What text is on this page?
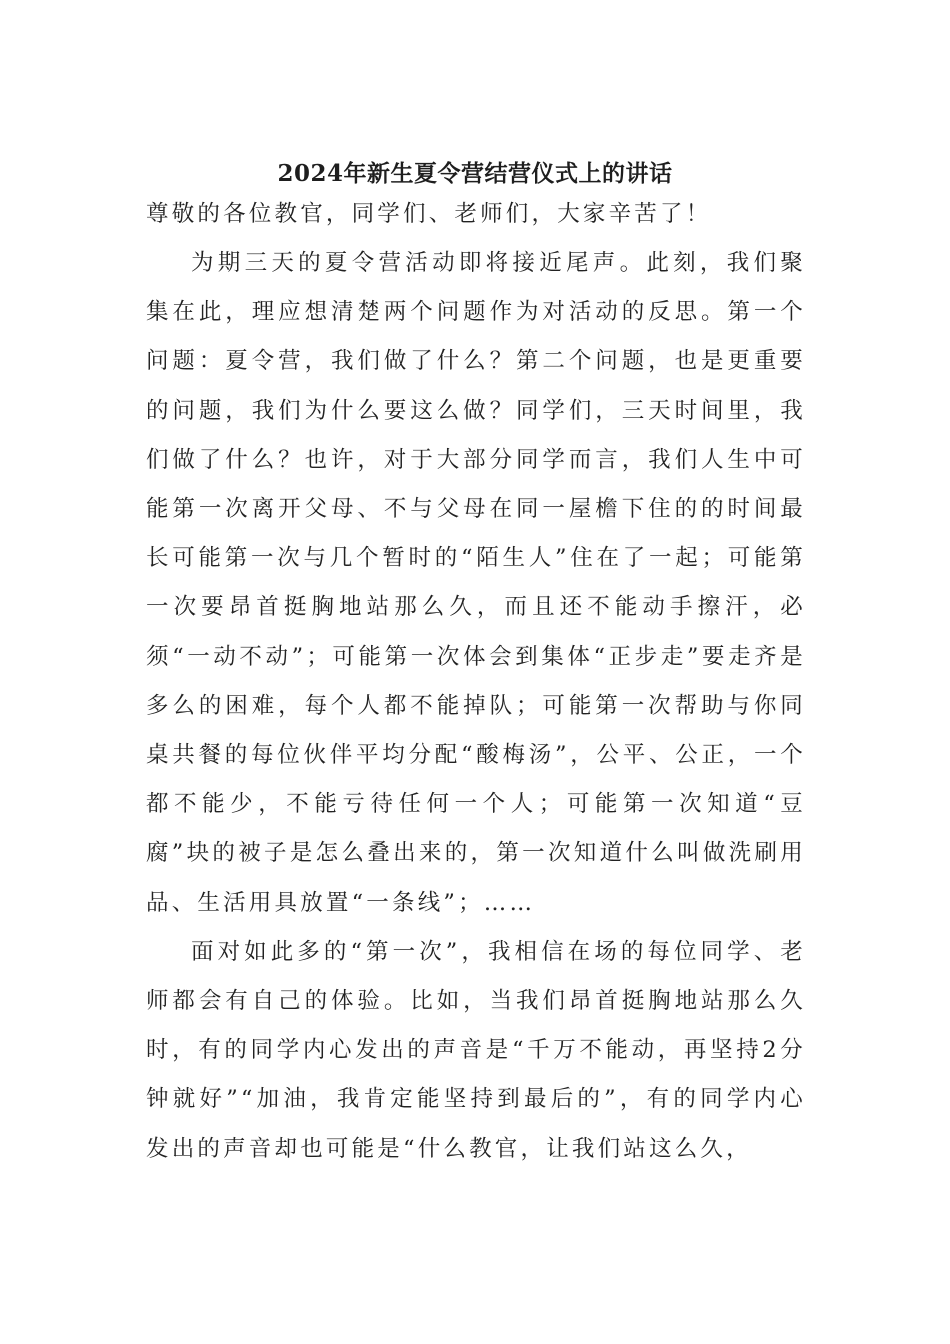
2024年新生夏令营结营仪式上的讲话

尊敬的各位教官，同学们、老师们，大家辛苦了！

为期三天的夏令营活动即将接近尾声。此刻，我们聚集在此，理应想清楚两个问题作为对活动的反思。第一个问题：夏令营，我们做了什么？第二个问题，也是更重要的问题，我们为什么要这么做？同学们，三天时间里，我们做了什么？也许，对于大部分同学而言，我们人生中可能第一次离开父母、不与父母在同一屋檐下住的的时间最长可能第一次与几个暂时的“陌生人”住在了一起；可能第一次要昂首挺胸地站那么久，而且还不能动手擦汗，必须“一动不动”；可能第一次体会到集体“正步走”要走齐是多么的困难，每个人都不能掉队；可能第一次帮助与你同桌共餐的每位伙伴平均分配“酸梅汤”，公平、公正，一个都不能少，不能亏待任何一个人；可能第一次知道“豆腐”块的被子是怎么叠出来的，第一次知道什么叫做洗刷用品、生活用具放置“一条线”；……

面对如此多的“第一次”，我相信在场的每位同学、老师都会有自己的体验。比如，当我们昂首挺胸地站那么久时，有的同学内心发出的声音是“千万不能动，再坚持2分钟就好”“加油，我肯定能坚持到最后的”，有的同学内心发出的声音却也可能是“什么教官，让我们站这么久，
